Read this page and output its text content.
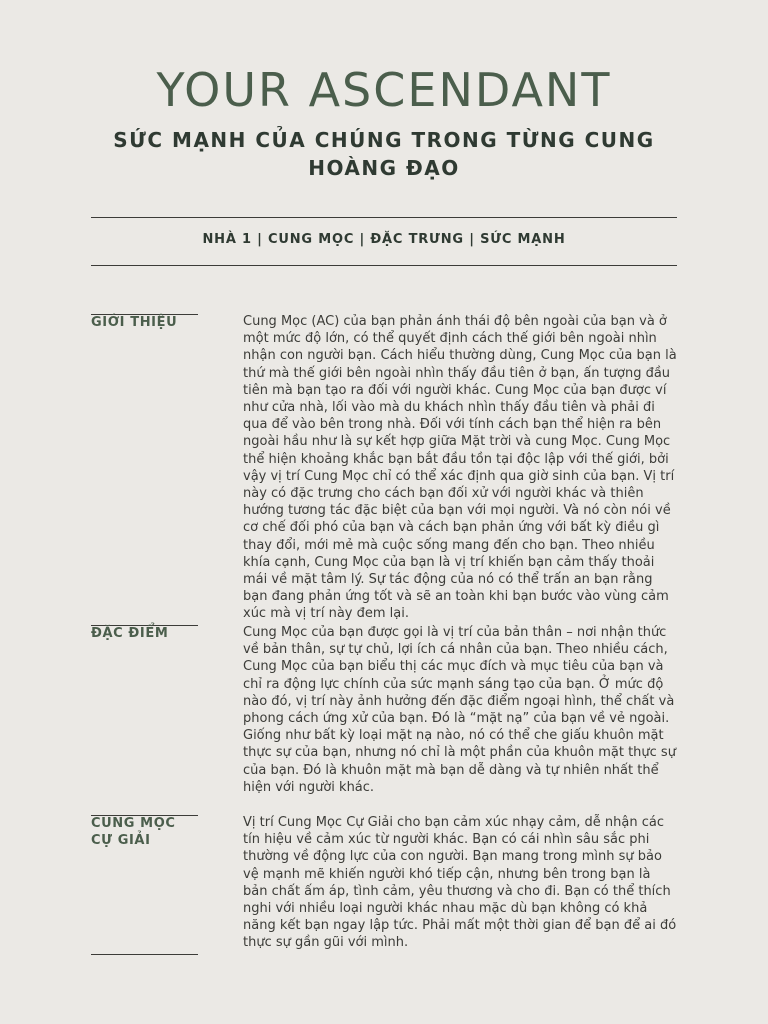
YOUR ASCENDANT
SỨC MẠNH CỦA CHÚNG TRONG TỪNG CUNG HOÀNG ĐẠO
NHÀ 1 | CUNG MỌC | ĐẶC TRƯNG | SỨC MẠNH
GIỚI THIỆU	Cung Mọc (AC) của bạn phản ánh thái độ bên ngoài của bạn và ở một mức độ lớn, có thể quyết định cách thế giới bên ngoài nhìn nhận con người bạn. Cách hiểu thường dùng, Cung Mọc của bạn là thứ mà thế giới bên ngoài nhìn thấy đầu tiên ở bạn, ấn tượng đầu tiên mà bạn tạo ra đối với người khác. Cung Mọc của bạn được ví như cửa nhà, lối vào mà du khách nhìn thấy đầu tiên và phải đi qua để vào bên trong nhà. Đối với tính cách bạn thể hiện ra bên ngoài hầu như là sự kết hợp giữa Mặt trời và cung Mọc. Cung Mọc thể hiện khoảng khắc bạn bắt đầu tồn tại độc lập với thế giới, bởi vậy vị trí Cung Mọc chỉ có thể xác định qua giờ sinh của bạn. Vị trí này có đặc trưng cho cách bạn đối xử với người khác và thiên hướng tương tác đặc biệt của bạn với mọi người. Và nó còn nói về cơ chế đối phó của bạn và cách bạn phản ứng với bất kỳ điều gì thay đổi, mới mẻ mà cuộc sống mang đến cho bạn. Theo nhiều khía cạnh, Cung Mọc của bạn là vị trí khiến bạn cảm thấy thoải mái về mặt tâm lý. Sự tác động của nó có thể trấn an bạn rằng bạn đang phản ứng tốt và sẽ an toàn khi bạn bước vào vùng cảm xúc mà vị trí này đem lại.
ĐẶC ĐIỂM	Cung Mọc của bạn được gọi là vị trí của bản thân – nơi nhận thức về bản thân, sự tự chủ, lợi ích cá nhân của bạn. Theo nhiều cách, Cung Mọc của bạn biểu thị các mục đích và mục tiêu của bạn và chỉ ra động lực chính của sức mạnh sáng tạo của bạn. Ở mức độ nào đó, vị trí này ảnh hưởng đến đặc điểm ngoại hình, thể chất và phong cách ứng xử của bạn. Đó là “mặt nạ” của bạn về vẻ ngoài. Giống như bất kỳ loại mặt nạ nào, nó có thể che giấu khuôn mặt thực sự của bạn, nhưng nó chỉ là một phần của khuôn mặt thực sự của bạn. Đó là khuôn mặt mà bạn dễ dàng và tự nhiên nhất thể hiện với người khác.
CUNG MỌC CỰ GIẢI
Vị trí Cung Mọc Cự Giải cho bạn cảm xúc nhạy cảm, dễ nhận các tín hiệu về cảm xúc từ người khác. Bạn có cái nhìn sâu sắc phi thường về động lực của con người. Bạn mang trong mình sự bảo vệ mạnh mẽ khiến người khó tiếp cận, nhưng bên trong bạn là bản chất ấm áp, tình cảm, yêu thương và cho đi. Bạn có thể thích nghi với nhiều loại người khác nhau mặc dù bạn không có khả năng kết bạn ngay lập tức. Phải mất một thời gian để bạn để ai đó thực sự gần gũi với mình.
